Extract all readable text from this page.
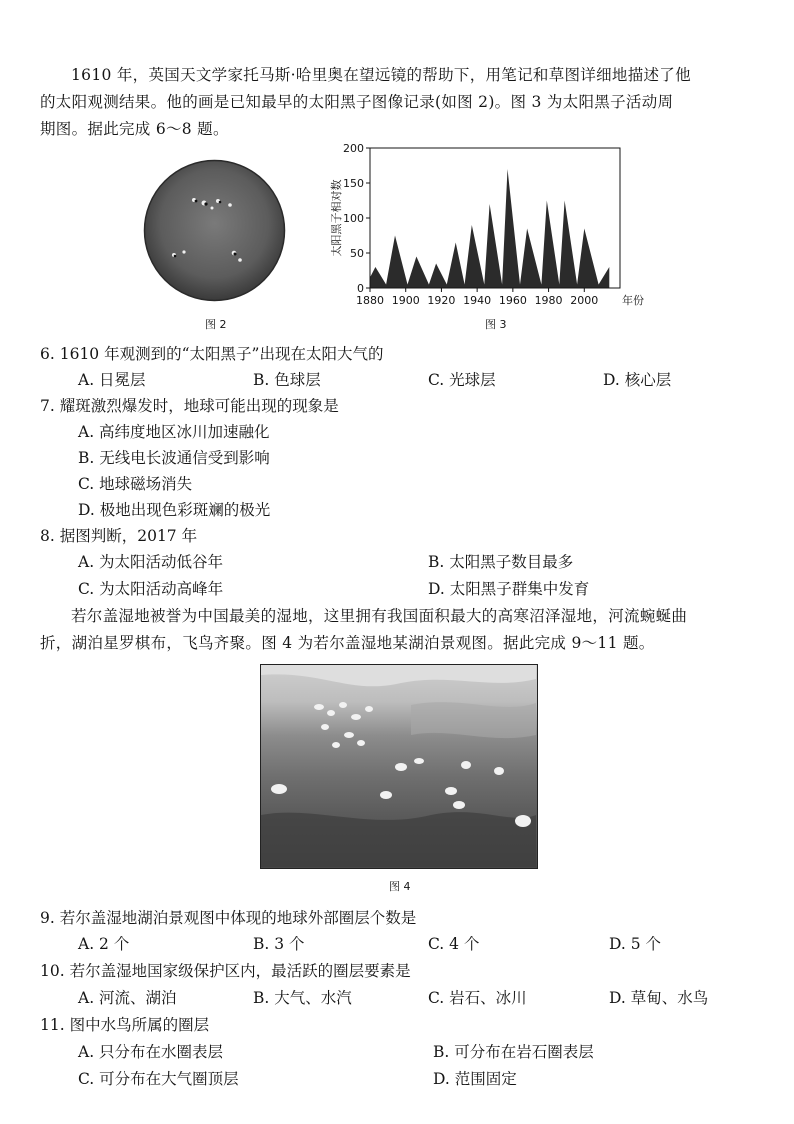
1610 年，英国天文学家托马斯·哈里奥在望远镜的帮助下，用笔记和草图详细地描述了他
的太阳观测结果。他的画是已知最早的太阳黑子图像记录(如图 2)。图 3 为太阳黑子活动周
期图。据此完成 6～8 题。
图 2
太阳黑子相对数
0
50
100
150
200
1880 1900 1920 1940 1960 1980 2000 年份
图 3
6. 1610 年观测到的“太阳黑子”出现在太阳大气的
A. 日冕层	B. 色球层	C. 光球层	D. 核心层
7. 耀斑激烈爆发时，地球可能出现的现象是
A. 高纬度地区冰川加速融化
B. 无线电长波通信受到影响
C. 地球磁场消失
D. 极地出现色彩斑斓的极光
8. 据图判断，2017 年
A. 为太阳活动低谷年	B. 太阳黑子数目最多
C. 为太阳活动高峰年	D. 太阳黑子群集中发育
若尔盖湿地被誉为中国最美的湿地，这里拥有我国面积最大的高寒沼泽湿地，河流蜿蜒曲
折，湖泊星罗棋布，飞鸟齐聚。图 4 为若尔盖湿地某湖泊景观图。据此完成 9～11 题。
图 4
9. 若尔盖湿地湖泊景观图中体现的地球外部圈层个数是
A. 2 个	B. 3 个	C. 4 个	D. 5 个
10. 若尔盖湿地国家级保护区内，最活跃的圈层要素是
A. 河流、湖泊	B. 大气、水汽	C. 岩石、冰川	D. 草甸、水鸟
11. 图中水鸟所属的圈层
A. 只分布在水圈表层	B. 可分布在岩石圈表层
C. 可分布在大气圈顶层	D. 范围固定
